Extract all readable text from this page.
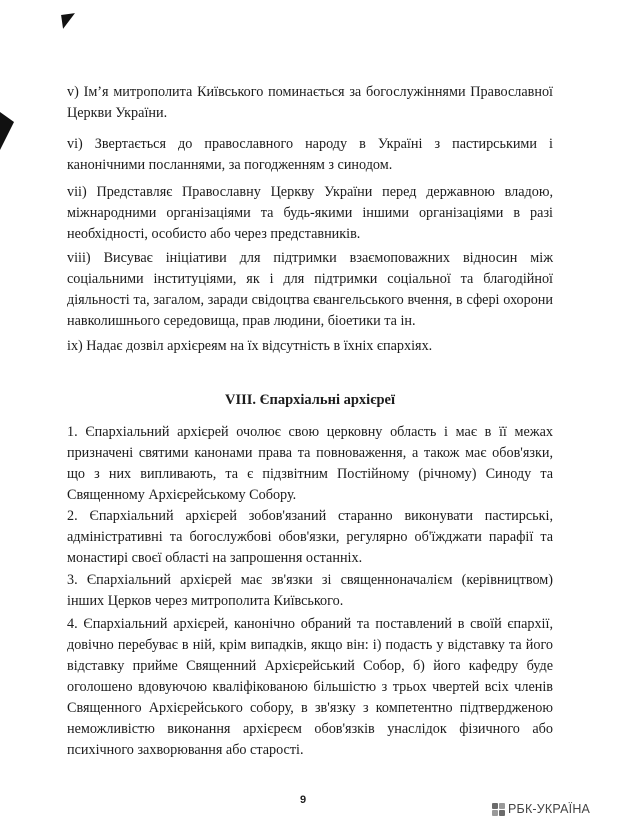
v) Ім’я митрополита Київського поминається за богослужіннями Православної Церкви України.

vi) Звертається до православного народу в Україні з пастирськими і канонічними посланнями, за погодженням з синодом.

vii) Представляє Православну Церкву України перед державною владою, міжнародними організаціями та будь-якими іншими організаціями в разі необхідності, особисто або через представників.

viii) Висуває ініціативи для підтримки взаємоповажних відносин між соціальними інституціями, як і для підтримки соціальної та благодійної діяльності та, загалом, заради свідоцтва євангельського вчення, в сфері охорони навколишнього середовища, прав людини, біоетики та ін.

ix) Надає дозвіл архієреям на їх відсутність в їхніх єпархіях.

VIII. Єпархіальні архієреї

1. Єпархіальний архієрей очолює свою церковну область і має в її межах призначені святими канонами права та повноваження, а також має обов'язки, що з них випливають, та є підзвітним Постійному (річному) Синоду та Священному Архієрейському Собору.

2. Єпархіальний архієрей зобов'язаний старанно виконувати пастирські, адміністративні та богослужбові обов'язки, регулярно об'їжджати парафії та монастирі своєї області на запрошення останніх.

3. Єпархіальний архієрей має зв'язки зі священноначалієм (керівництвом) інших Церков через митрополита Київського.

4. Єпархіальний архієрей, канонічно обраний та поставлений в своїй єпархії, довічно перебуває в ній, крім випадків, якщо він: і) подасть у відставку та його відставку прийме Священний Архієрейський Собор, б) його кафедру буде оголошено вдовуючою кваліфікованою більшістю з трьох чвертей всіх членів Священного Архієрейського собору, в зв'язку з компетентно підтвердженою неможливістю виконання архієреєм обов'язків унаслідок фізичного або психічного захворювання або старості.

9
РБК-УКРАЇНА
